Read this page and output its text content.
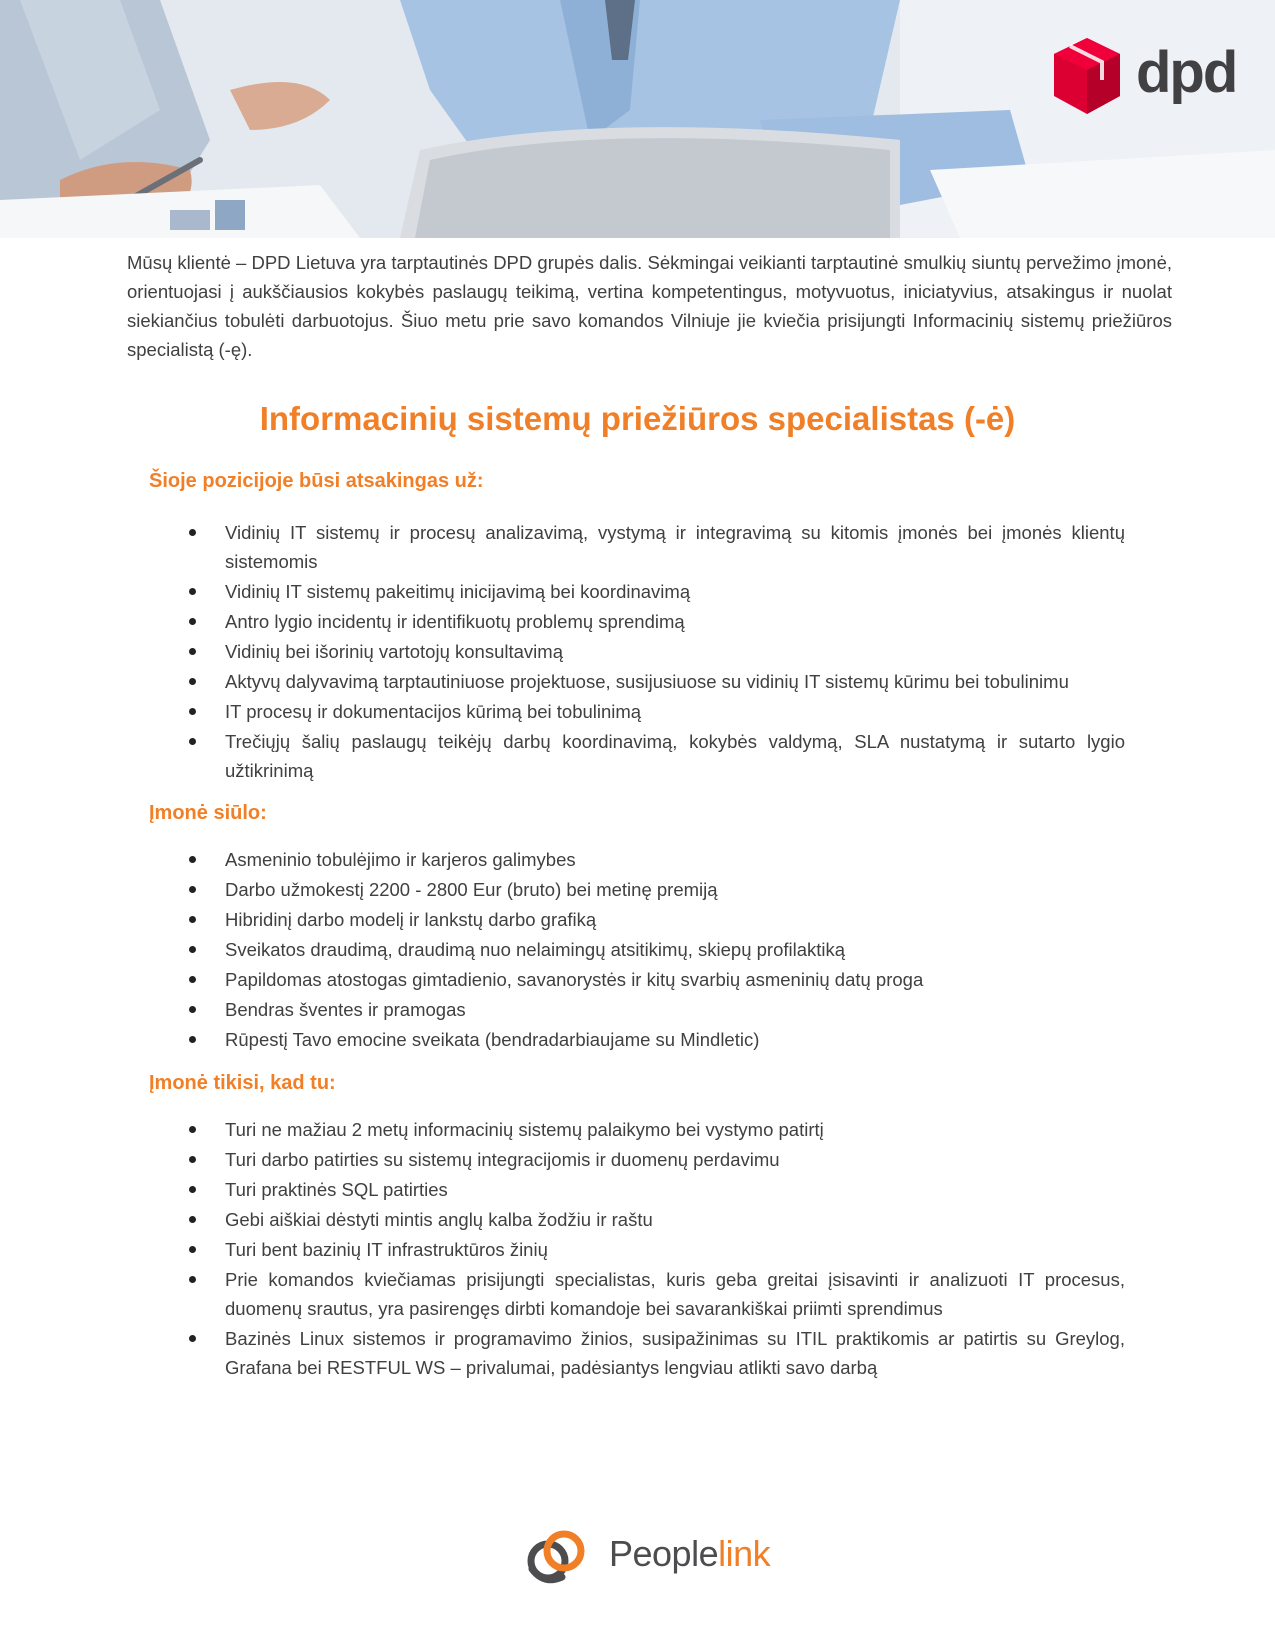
dpd

Mūsų klientė – DPD Lietuva yra tarptautinės DPD grupės dalis. Sėkmingai veikianti tarptautinė smulkių siuntų pervežimo įmonė, orientuojasi į aukščiausios kokybės paslaugų teikimą, vertina kompetentingus, motyvuotus, iniciatyvius, atsakingus ir nuolat siekiančius tobulėti darbuotojus. Šiuo metu prie savo komandos Vilniuje jie kviečia prisijungti Informacinių sistemų priežiūros specialistą (-ę).

Informacinių sistemų priežiūros specialistas (-ė)
Šioje pozicijoje būsi atsakingas už:
Vidinių IT sistemų ir procesų analizavimą, vystymą ir integravimą su kitomis įmonės bei įmonės klientų sistemomis
Vidinių IT sistemų pakeitimų inicijavimą bei koordinavimą
Antro lygio incidentų ir identifikuotų problemų sprendimą
Vidinių bei išorinių vartotojų konsultavimą
Aktyvų dalyvavimą tarptautiniuose projektuose, susijusiuose su vidinių IT sistemų kūrimu bei tobulinimu
IT procesų ir dokumentacijos kūrimą bei tobulinimą
Trečiųjų šalių paslaugų teikėjų darbų koordinavimą, kokybės valdymą, SLA nustatymą ir sutarto lygio užtikrinimą
Įmonė siūlo:
Asmeninio tobulėjimo ir karjeros galimybes
Darbo užmokestį 2200 - 2800 Eur (bruto) bei metinę premiją
Hibridinį darbo modelį ir lankstų darbo grafiką
Sveikatos draudimą, draudimą nuo nelaimingų atsitikimų, skiepų profilaktiką
Papildomas atostogas gimtadienio, savanorystės ir kitų svarbių asmeninių datų proga
Bendras šventes ir pramogas
Rūpestį Tavo emocine sveikata (bendradarbiaujame su Mindletic)
Įmonė tikisi, kad tu:
Turi ne mažiau 2 metų informacinių sistemų palaikymo bei vystymo patirtį
Turi darbo patirties su sistemų integracijomis ir duomenų perdavimu
Turi praktinės SQL patirties
Gebi aiškiai dėstyti mintis anglų kalba žodžiu ir raštu
Turi bent bazinių IT infrastruktūros žinių
Prie komandos kviečiamas prisijungti specialistas, kuris geba greitai įsisavinti ir analizuoti IT procesus, duomenų srautus, yra pasirengęs dirbti komandoje bei savarankiškai priimti sprendimus
Bazinės Linux sistemos ir programavimo žinios, susipažinimas su ITIL praktikomis ar patirtis su Greylog, Grafana bei RESTFUL WS – privalumai, padėsiantys lengviau atlikti savo darbą
Peoplelink
